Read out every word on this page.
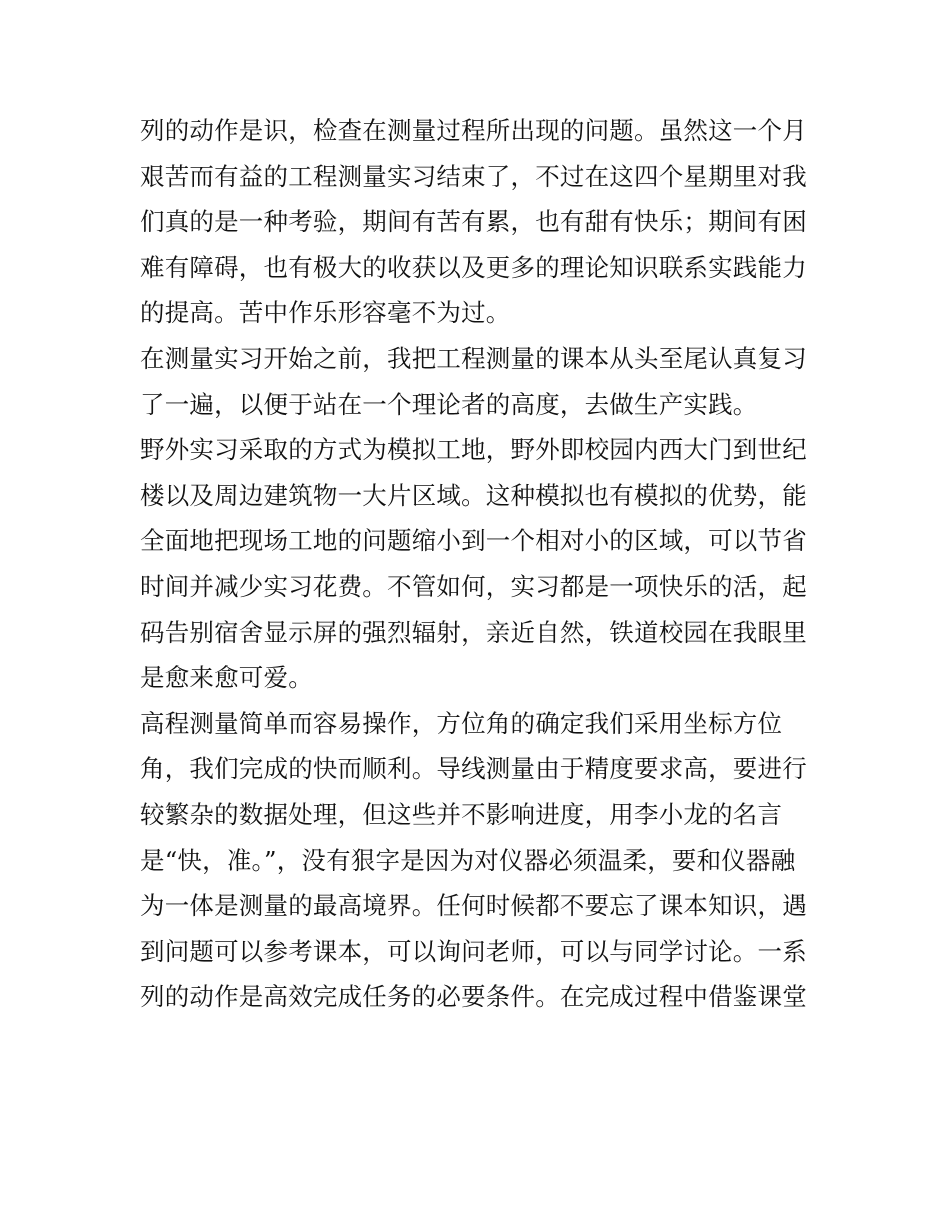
列的动作是识，检查在测量过程所出现的问题。虽然这一个月
艰苦而有益的工程测量实习结束了，不过在这四个星期里对我
们真的是一种考验，期间有苦有累，也有甜有快乐；期间有困
难有障碍，也有极大的收获以及更多的理论知识联系实践能力
的提高。苦中作乐形容毫不为过。
在测量实习开始之前，我把工程测量的课本从头至尾认真复习
了一遍，以便于站在一个理论者的高度，去做生产实践。
野外实习采取的方式为模拟工地，野外即校园内西大门到世纪
楼以及周边建筑物一大片区域。这种模拟也有模拟的优势，能
全面地把现场工地的问题缩小到一个相对小的区域，可以节省
时间并减少实习花费。不管如何，实习都是一项快乐的活，起
码告别宿舍显示屏的强烈辐射，亲近自然，铁道校园在我眼里
是愈来愈可爱。
高程测量简单而容易操作，方位角的确定我们采用坐标方位
角，我们完成的快而顺利。导线测量由于精度要求高，要进行
较繁杂的数据处理，但这些并不影响进度，用李小龙的名言
是“快，准。”，没有狠字是因为对仪器必须温柔，要和仪器融
为一体是测量的最高境界。任何时候都不要忘了课本知识，遇
到问题可以参考课本，可以询问老师，可以与同学讨论。一系
列的动作是高效完成任务的必要条件。在完成过程中借鉴课堂
